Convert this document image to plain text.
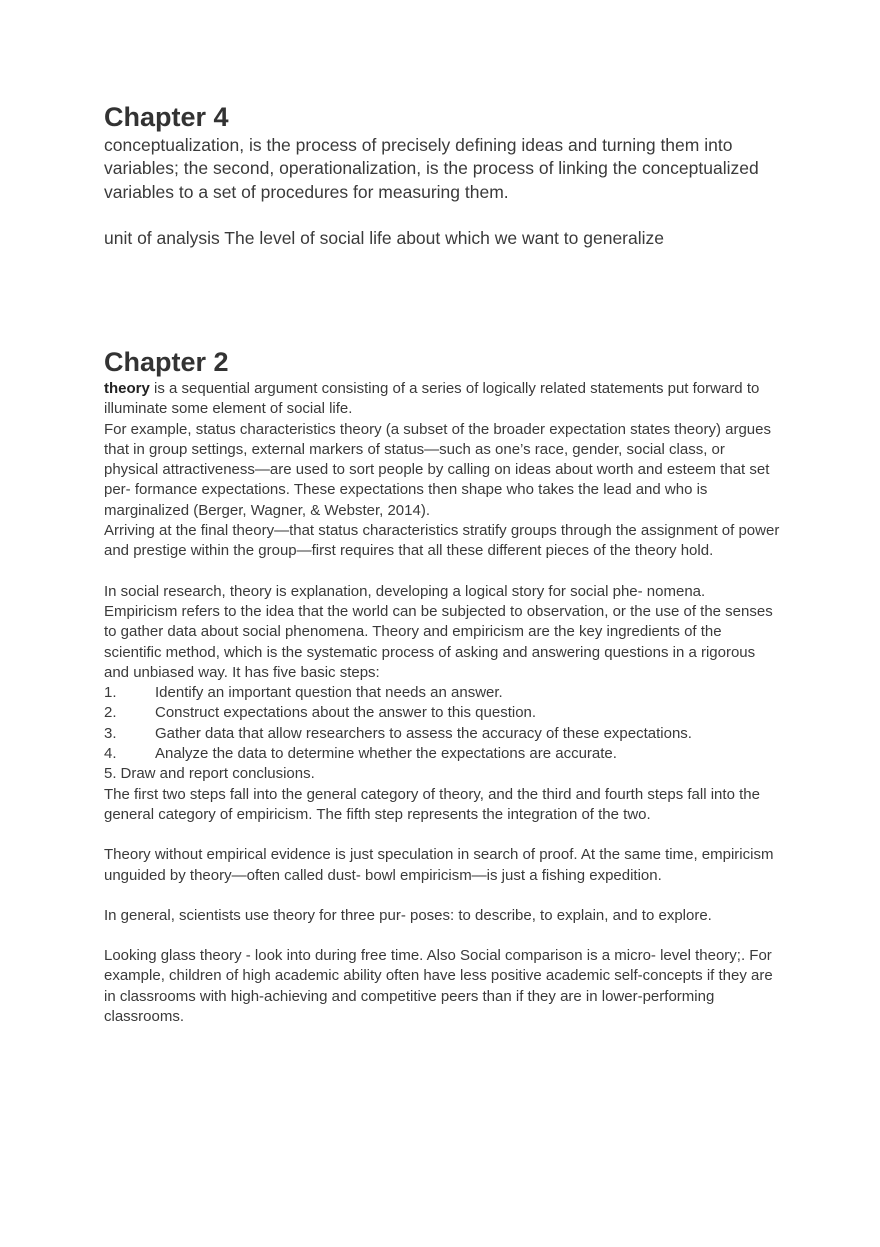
Chapter 4

conceptualization, is the process of precisely defining ideas and turning them into variables; the second, operationalization, is the process of linking the conceptualized variables to a set of procedures for measuring them.

unit of analysis The level of social life about which we want to generalize

Chapter 2

theory is a sequential argument consisting of a series of logically related statements put forward to illuminate some element of social life.

For example, status characteristics theory (a subset of the broader expectation states theory) argues that in group settings, external markers of status—such as one’s race, gender, social class, or physical attractiveness—are used to sort people by calling on ideas about worth and esteem that set per- formance expectations. These expectations then shape who takes the lead and who is marginalized (Berger, Wagner, & Webster, 2014).

Arriving at the final theory—that status characteristics stratify groups through the assignment of power and prestige within the group—first requires that all these different pieces of the theory hold.

In social research, theory is explanation, developing a logical story for social phe- nomena. Empiricism refers to the idea that the world can be subjected to observation, or the use of the senses to gather data about social phenomena. Theory and empiricism are the key ingredients of the scientific method, which is the systematic process of asking and answering questions in a rigorous and unbiased way. It has five basic steps:

1.	Identify an important question that needs an answer.
2.	Construct expectations about the answer to this question.
3.	Gather data that allow researchers to assess the accuracy of these expectations.
4.	Analyze the data to determine whether the expectations are accurate.
5. Draw and report conclusions.

The first two steps fall into the general category of theory, and the third and fourth steps fall into the general category of empiricism. The fifth step represents the integration of the two.

Theory without empirical evidence is just speculation in search of proof. At the same time, empiricism unguided by theory—often called dust- bowl empiricism—is just a fishing expedition.

In general, scientists use theory for three pur- poses: to describe, to explain, and to explore.

Looking glass theory - look into during free time. Also Social comparison is a micro- level theory;. For example, children of high academic ability often have less positive academic self-concepts if they are in classrooms with high-achieving and competitive peers than if they are in lower-performing classrooms.
